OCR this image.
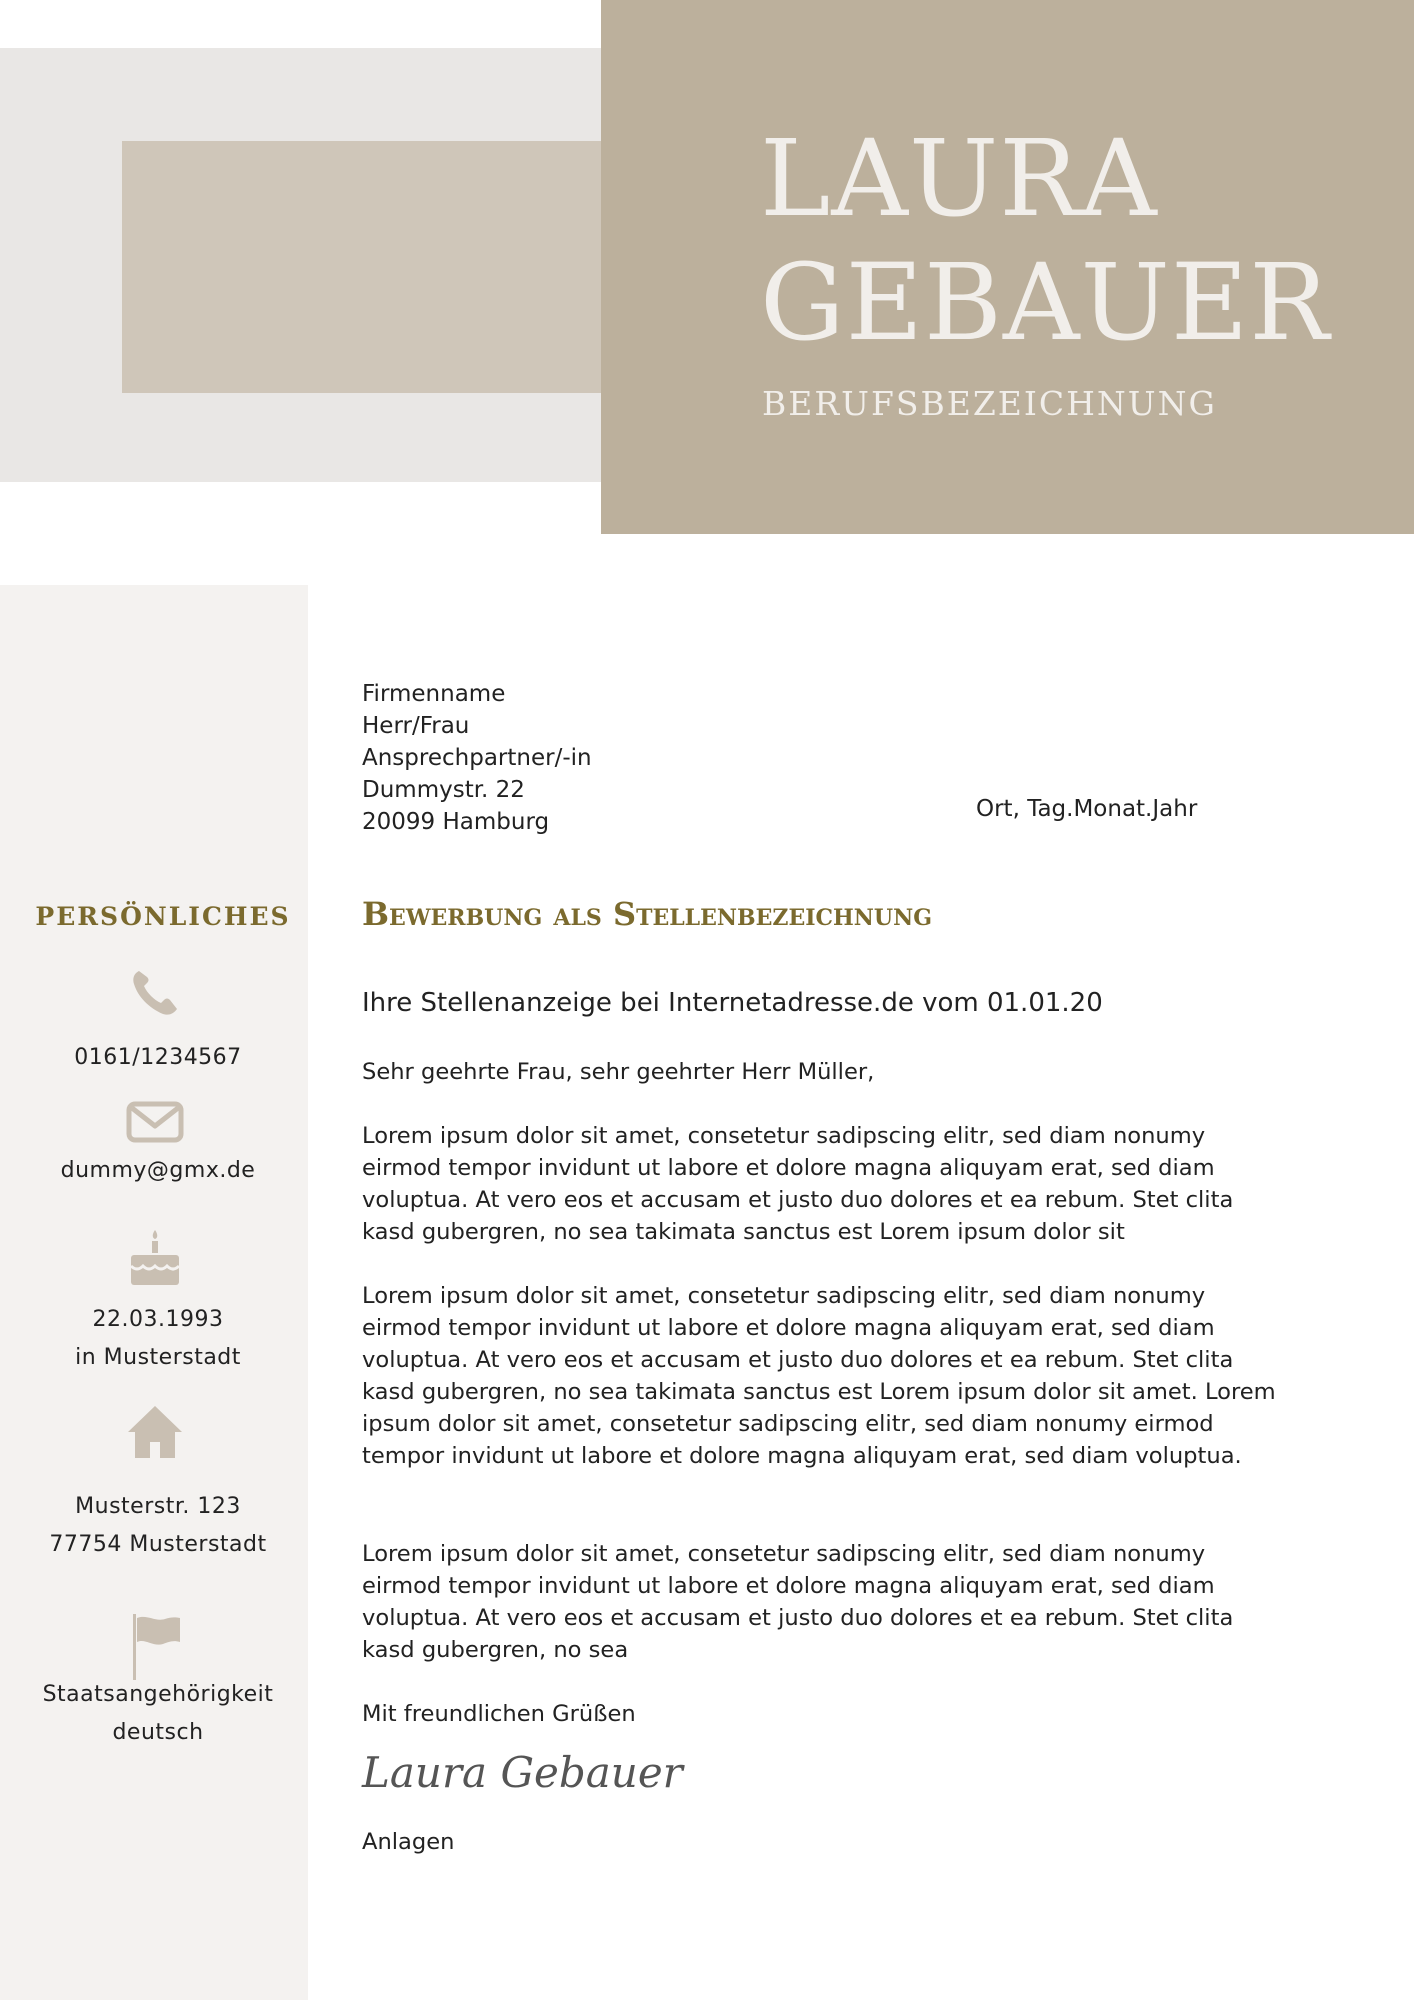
LAURA
GEBAUER
BERUFSBEZEICHNUNG
PERSÖNLICHES
0161/1234567
dummy@gmx.de
22.03.1993
in Musterstadt
Musterstr. 123
77754 Musterstadt
Staatsangehörigkeit
deutsch
Firmenname
Herr/Frau
Ansprechpartner/-in
Dummystr. 22
20099 Hamburg	Ort, Tag.Monat.Jahr
Bewerbung als Stellenbezeichnung
Ihre Stellenanzeige bei Internetadresse.de vom 01.01.20

Sehr geehrte Frau, sehr geehrter Herr Müller,

Lorem ipsum dolor sit amet, consetetur sadipscing elitr, sed diam nonumy eirmod tempor invidunt ut labore et dolore magna aliquyam erat, sed diam voluptua. At vero eos et accusam et justo duo dolores et ea rebum. Stet clita kasd gubergren, no sea takimata sanctus est Lorem ipsum dolor sit

Lorem ipsum dolor sit amet, consetetur sadipscing elitr, sed diam nonumy eirmod tempor invidunt ut labore et dolore magna aliquyam erat, sed diam voluptua. At vero eos et accusam et justo duo dolores et ea rebum. Stet clita kasd gubergren, no sea takimata sanctus est Lorem ipsum dolor sit amet. Lorem ipsum dolor sit amet, consetetur sadipscing elitr, sed diam nonumy eirmod tempor invidunt ut labore et dolore magna aliquyam erat, sed diam voluptua.

Lorem ipsum dolor sit amet, consetetur sadipscing elitr, sed diam nonumy eirmod tempor invidunt ut labore et dolore magna aliquyam erat, sed diam voluptua. At vero eos et accusam et justo duo dolores et ea rebum. Stet clita kasd gubergren, no sea

Mit freundlichen Grüßen

Laura Gebauer

Anlagen
